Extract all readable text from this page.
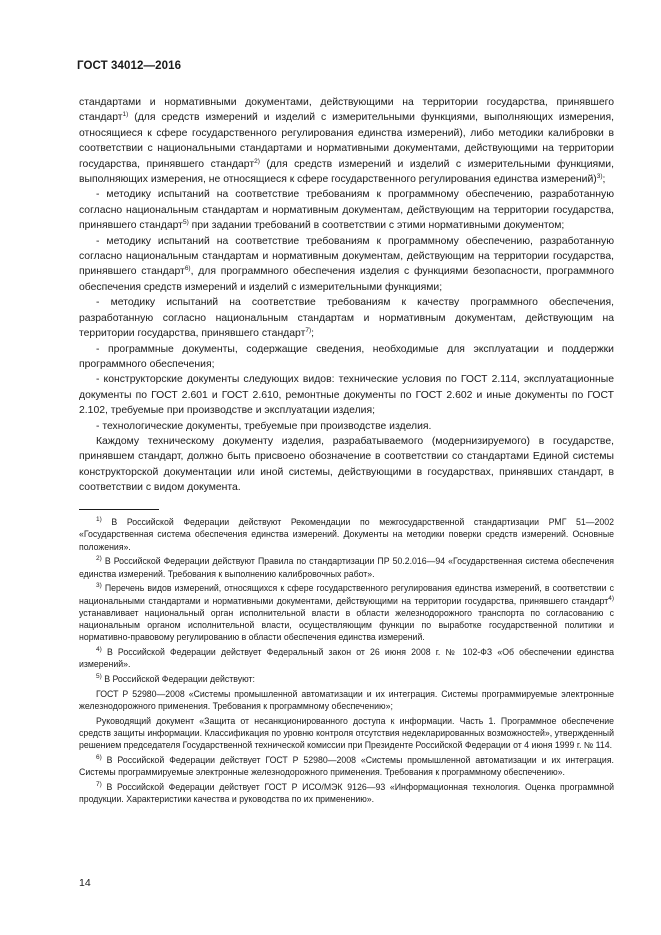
ГОСТ 34012—2016

стандартами и нормативными документами, действующими на территории государства, принявшего стандарт$^{1)}$ (для средств измерений и изделий с измерительными функциями, выполняющих измерения, относящиеся к сфере государственного регулирования единства измерений), либо методики калибровки в соответствии с национальными стандартами и нормативными документами, действующими на территории государства, принявшего стандарт$^{2)}$ (для средств измерений и изделий с измерительными функциями, выполняющих измерения, не относящиеся к сфере государственного регулирования единства измерений)$^{3)}$;

- методику испытаний на соответствие требованиям к программному обеспечению, разработанную согласно национальным стандартам и нормативным документам, действующим на территории государства, принявшего стандарт$^{5)}$ при задании требований в соответствии с этими нормативными документом;

- методику испытаний на соответствие требованиям к программному обеспечению, разработанную согласно национальным стандартам и нормативным документам, действующим на территории государства, принявшего стандарт$^{6)}$, для программного обеспечения изделия с функциями безопасности, программного обеспечения средств измерений и изделий с измерительными функциями;

- методику испытаний на соответствие требованиям к качеству программного обеспечения, разработанную согласно национальным стандартам и нормативным документам, действующим на территории государства, принявшего стандарт$^{7)}$;

- программные документы, содержащие сведения, необходимые для эксплуатации и поддержки программного обеспечения;

- конструкторские документы следующих видов: технические условия по ГОСТ 2.114, эксплуатационные документы по ГОСТ 2.601 и ГОСТ 2.610, ремонтные документы по ГОСТ 2.602 и иные документы по ГОСТ 2.102, требуемые при производстве и эксплуатации изделия;

- технологические документы, требуемые при производстве изделия.

Каждому техническому документу изделия, разрабатываемого (модернизируемого) в государстве, принявшем стандарт, должно быть присвоено обозначение в соответствии со стандартами Единой системы конструкторской документации или иной системы, действующими в государствах, принявших стандарт, в соответствии с видом документа.

$^{1)}$ В Российской Федерации действуют Рекомендации по межгосударственной стандартизации РМГ 51—2002 «Государственная система обеспечения единства измерений. Документы на методики поверки средств измерений. Основные положения».

$^{2)}$ В Российской Федерации действуют Правила по стандартизации ПР 50.2.016—94 «Государственная система обеспечения единства измерений. Требования к выполнению калибровочных работ».

$^{3)}$ Перечень видов измерений, относящихся к сфере государственного регулирования единства измерений, в соответствии с национальными стандартами и нормативными документами, действующими на территории государства, принявшего стандарт$^{4)}$ устанавливает национальный орган исполнительной власти в области железнодорожного транспорта по согласованию с национальным органом исполнительной власти, осуществляющим функции по выработке государственной политики и нормативно-правовому регулированию в области обеспечения единства измерений.

$^{4)}$ В Российской Федерации действует Федеральный закон от 26 июня 2008 г. № 102-ФЗ «Об обеспечении единства измерений».

$^{5)}$ В Российской Федерации действуют:

ГОСТ Р 52980—2008 «Системы промышленной автоматизации и их интеграция. Системы программируемые электронные железнодорожного применения. Требования к программному обеспечению»;

Руководящий документ «Защита от несанкционированного доступа к информации. Часть 1. Программное обеспечение средств защиты информации. Классификация по уровню контроля отсутствия недекларированных возможностей», утвержденный решением председателя Государственной технической комиссии при Президенте Российской Федерации от 4 июня 1999 г. № 114.

$^{6)}$ В Российской Федерации действует ГОСТ Р 52980—2008 «Системы промышленной автоматизации и их интеграция. Системы программируемые электронные железнодорожного применения. Требования к программному обеспечению».

$^{7)}$ В Российской Федерации действует ГОСТ Р ИСО/МЭК 9126—93 «Информационная технология. Оценка программной продукции. Характеристики качества и руководства по их применению».

14
